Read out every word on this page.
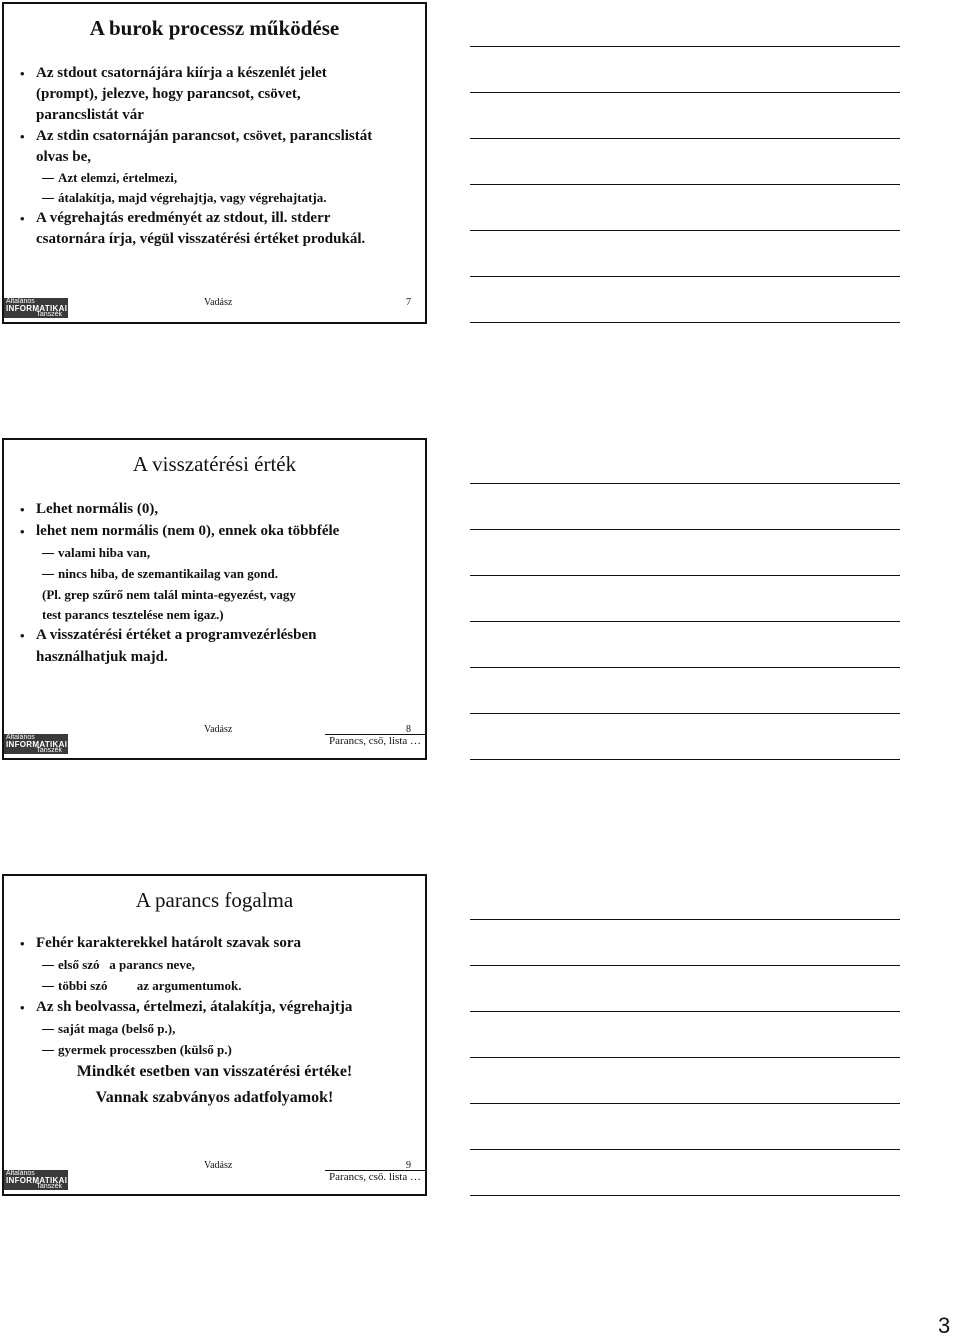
A burok processz működése
• Az stdout csatornájára kiírja a készenlét jelet
(prompt), jelezve, hogy parancsot, csövet,
parancslistát vár
• Az stdin csatornáján parancsot, csövet, parancslistát
olvas be,
Azt elemzi, értelmezi,
átalakítja, majd végrehajtja, vagy végrehajtatja.
• A végrehajtás eredményét az stdout, ill. stderr
csatornára írja, végül visszatérési értéket produkál.
Általános
INFORMATIKAI
Tanszék
Vadász	7
A visszatérési érték
• Lehet normális (0),
• lehet nem normális (nem 0), ennek oka többféle
valami hiba van,
nincs hiba, de szemantikailag van gond.
(Pl. grep szűrő nem talál minta-egyezést, vagy
test parancs tesztelése nem igaz.)
• A visszatérési értéket a programvezérlésben
használhatjuk majd.
Általános
INFORMATIKAI
Tanszék
Vadász	8
Parancs, cső, lista …
A parancs fogalma
• Fehér karakterekkel határolt szavak sora
első szó   a parancs neve,
többi szó         az argumentumok.
• Az sh beolvassa, értelmezi, átalakítja, végrehajtja
saját maga (belső p.),
gyermek processzben (külső p.)
Mindkét esetben van visszatérési értéke!
Vannak szabványos adatfolyamok!
Általános
INFORMATIKAI
Tanszék
Vadász	9
Parancs, cső. lista …
3
